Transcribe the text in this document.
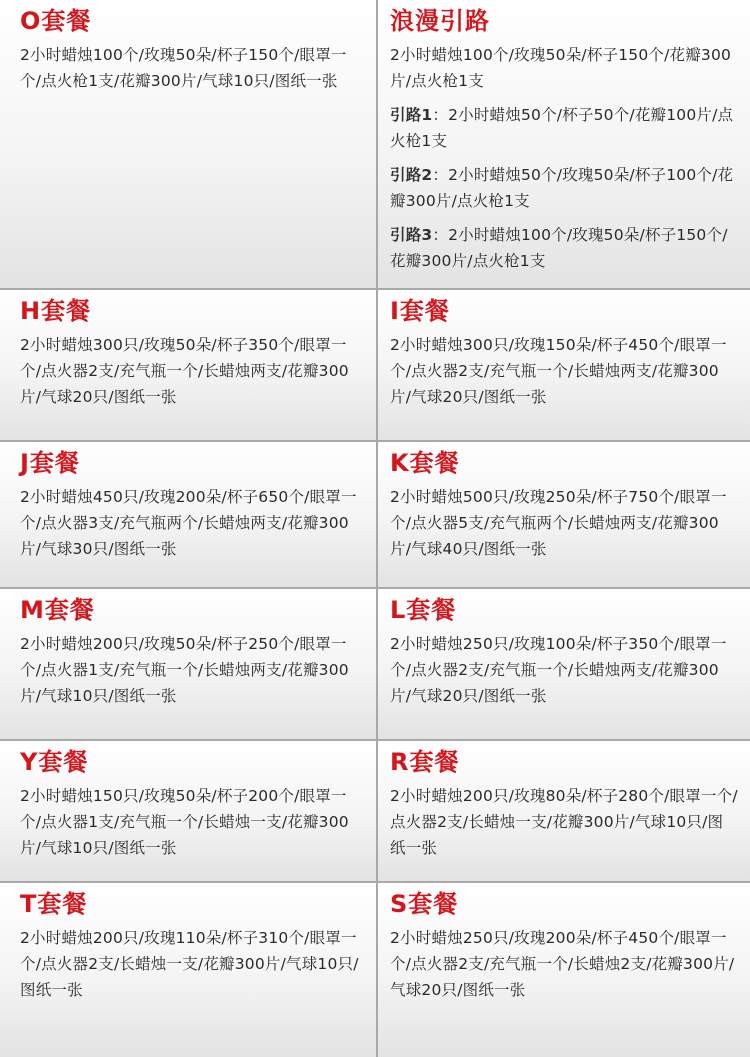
O套餐
2小时蜡烛100个/玫瑰50朵/杯子150个/眼罩一个/点火枪1支/花瓣300片/气球10只/图纸一张
浪漫引路
2小时蜡烛100个/玫瑰50朵/杯子150个/花瓣300片/点火枪1支
引路1：2小时蜡烛50个/杯子50个/花瓣100片/点火枪1支
引路2：2小时蜡烛50个/玫瑰50朵/杯子100个/花瓣300片/点火枪1支
引路3：2小时蜡烛100个/玫瑰50朵/杯子150个/花瓣300片/点火枪1支
H套餐
2小时蜡烛300只/玫瑰50朵/杯子350个/眼罩一个/点火器2支/充气瓶一个/长蜡烛两支/花瓣300片/气球20只/图纸一张
I套餐
2小时蜡烛300只/玫瑰150朵/杯子450个/眼罩一个/点火器2支/充气瓶一个/长蜡烛两支/花瓣300片/气球20只/图纸一张
J套餐
2小时蜡烛450只/玫瑰200朵/杯子650个/眼罩一个/点火器3支/充气瓶两个/长蜡烛两支/花瓣300片/气球30只/图纸一张
K套餐
2小时蜡烛500只/玫瑰250朵/杯子750个/眼罩一个/点火器5支/充气瓶两个/长蜡烛两支/花瓣300片/气球40只/图纸一张
M套餐
2小时蜡烛200只/玫瑰50朵/杯子250个/眼罩一个/点火器1支/充气瓶一个/长蜡烛两支/花瓣300片/气球10只/图纸一张
L套餐
2小时蜡烛250只/玫瑰100朵/杯子350个/眼罩一个/点火器2支/充气瓶一个/长蜡烛两支/花瓣300片/气球20只/图纸一张
Y套餐
2小时蜡烛150只/玫瑰50朵/杯子200个/眼罩一个/点火器1支/充气瓶一个/长蜡烛一支/花瓣300片/气球10只/图纸一张
R套餐
2小时蜡烛200只/玫瑰80朵/杯子280个/眼罩一个/点火器2支/长蜡烛一支/花瓣300片/气球10只/图纸一张
T套餐
2小时蜡烛200只/玫瑰110朵/杯子310个/眼罩一个/点火器2支/长蜡烛一支/花瓣300片/气球10只/图纸一张
S套餐
2小时蜡烛250只/玫瑰200朵/杯子450个/眼罩一个/点火器2支/充气瓶一个/长蜡烛2支/花瓣300片/气球20只/图纸一张
